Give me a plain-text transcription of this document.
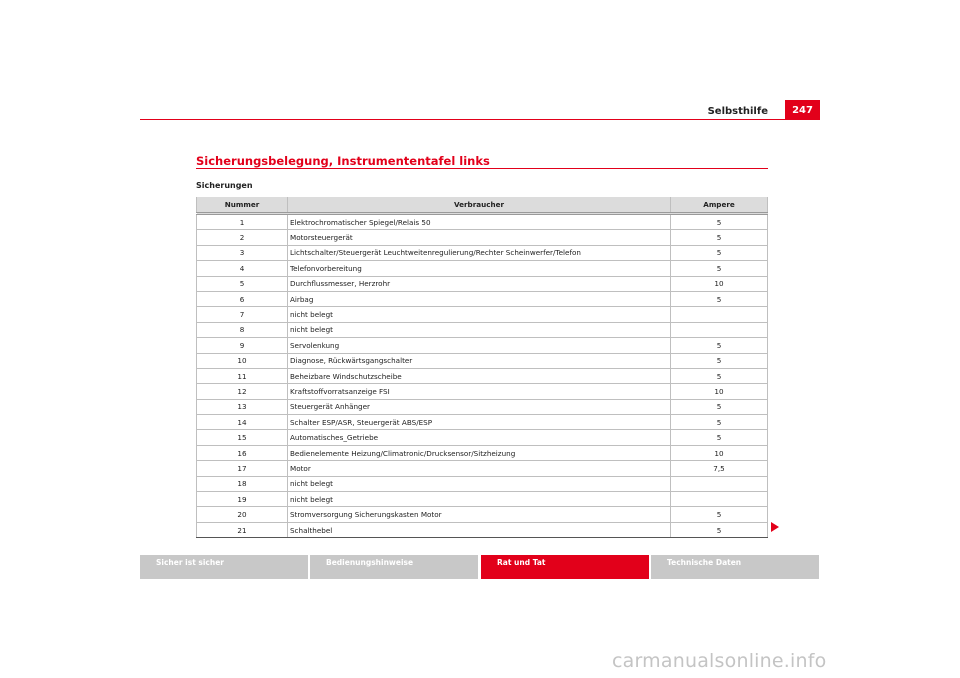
Selbsthilfe	247
Sicherungsbelegung, Instrumententafel links
Sicherungen
Nummer	Verbraucher	Ampere
1	Elektrochromatischer Spiegel/Relais 50	5
2	Motorsteuergerät	5
3	Lichtschalter/Steuergerät Leuchtweitenregulierung/Rechter Scheinwerfer/Telefon	5
4	Telefonvorbereitung	5
5	Durchflussmesser, Herzrohr	10
6	Airbag	5
7	nicht belegt	
8	nicht belegt	
9	Servolenkung	5
10	Diagnose, Rückwärtsgangschalter	5
11	Beheizbare Windschutzscheibe	5
12	Kraftstoffvorratsanzeige FSI	10
13	Steuergerät Anhänger	5
14	Schalter ESP/ASR, Steuergerät ABS/ESP	5
15	Automatisches_Getriebe	5
16	Bedienelemente Heizung/Climatronic/Drucksensor/Sitzheizung	10
17	Motor	7,5
18	nicht belegt	
19	nicht belegt	
20	Stromversorgung Sicherungskasten Motor	5
21	Schalthebel	5
Sicher ist sicher	Bedienungshinweise	Rat und Tat	Technische Daten
carmanualsonline.info
